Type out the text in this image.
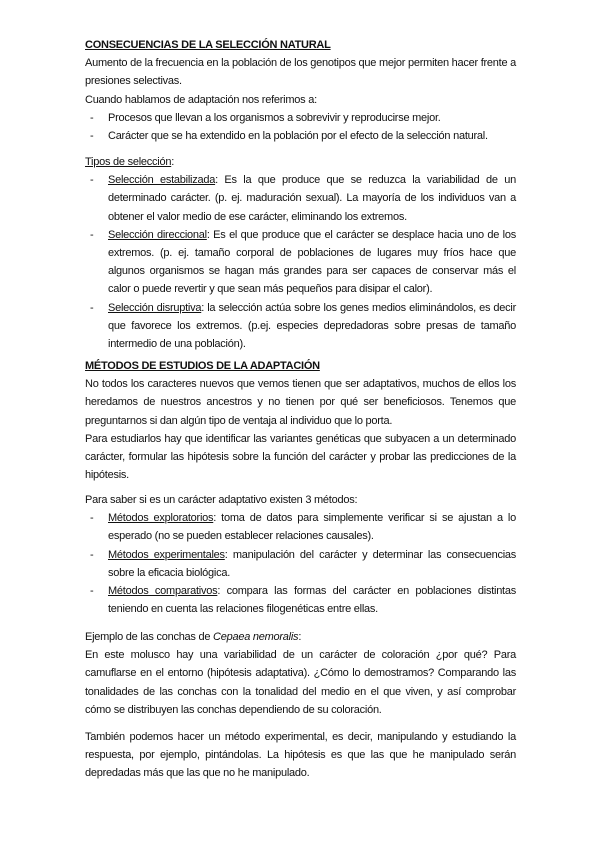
CONSECUENCIAS DE LA SELECCIÓN NATURAL

Aumento de la frecuencia en la población de los genotipos que mejor permiten hacer frente a presiones selectivas.

Cuando hablamos de adaptación nos referimos a:

- Procesos que llevan a los organismos a sobrevivir y reproducirse mejor.
- Carácter que se ha extendido en la población por el efecto de la selección natural.
Tipos de selección:
- Selección estabilizada: Es la que produce que se reduzca la variabilidad de un determinado carácter. (p. ej. maduración sexual). La mayoría de los individuos van a obtener el valor medio de ese carácter, eliminando los extremos.
- Selección direccional: Es el que produce que el carácter se desplace hacia uno de los extremos. (p. ej. tamaño corporal de poblaciones de lugares muy fríos hace que algunos organismos se hagan más grandes para ser capaces de conservar más el calor o puede revertir y que sean más pequeños para disipar el calor).
- Selección disruptiva: la selección actúa sobre los genes medios eliminándolos, es decir que favorece los extremos. (p.ej. especies depredadoras sobre presas de tamaño intermedio de una población).
MÉTODOS DE ESTUDIOS DE LA ADAPTACIÓN

No todos los caracteres nuevos que vemos tienen que ser adaptativos, muchos de ellos los heredamos de nuestros ancestros y no tienen por qué ser beneficiosos. Tenemos que preguntarnos si dan algún tipo de ventaja al individuo que lo porta.

Para estudiarlos hay que identificar las variantes genéticas que subyacen a un determinado carácter, formular las hipótesis sobre la función del carácter y probar las predicciones de la hipótesis.

Para saber si es un carácter adaptativo existen 3 métodos:

- Métodos exploratorios: toma de datos para simplemente verificar si se ajustan a lo esperado (no se pueden establecer relaciones causales).
- Métodos experimentales: manipulación del carácter y determinar las consecuencias sobre la eficacia biológica.
- Métodos comparativos: compara las formas del carácter en poblaciones distintas teniendo en cuenta las relaciones filogenéticas entre ellas.
Ejemplo de las conchas de Cepaea nemoralis:

En este molusco hay una variabilidad de un carácter de coloración ¿por qué? Para camuflarse en el entorno (hipótesis adaptativa). ¿Cómo lo demostramos? Comparando las tonalidades de las conchas con la tonalidad del medio en el que viven, y así comprobar cómo se distribuyen las conchas dependiendo de su coloración.

También podemos hacer un método experimental, es decir, manipulando y estudiando la respuesta, por ejemplo, pintándolas. La hipótesis es que las que he manipulado serán depredadas más que las que no he manipulado.
